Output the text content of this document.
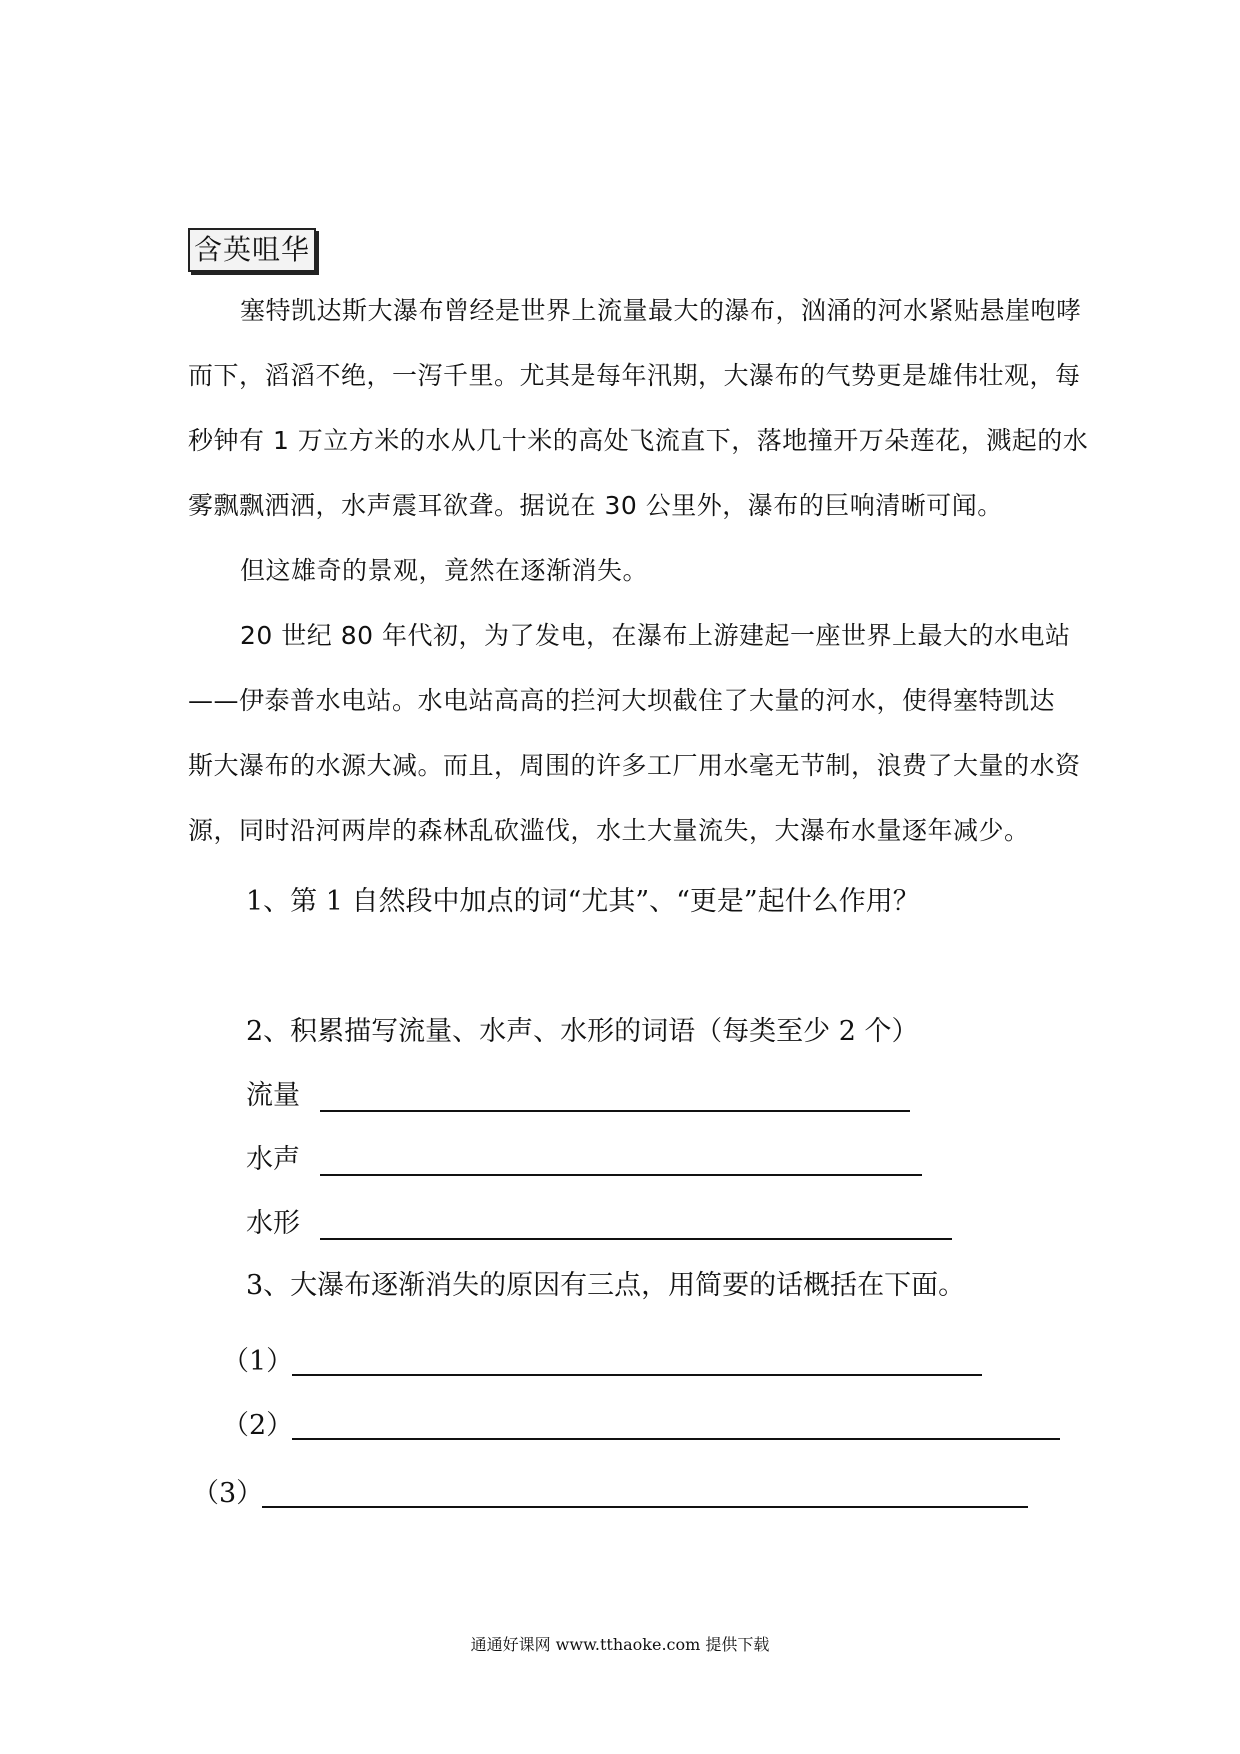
含英咀华
塞特凯达斯大瀑布曾经是世界上流量最大的瀑布，汹涌的河水紧贴悬崖咆哮
而下，滔滔不绝，一泻千里。尤其是每年汛期，大瀑布的气势更是雄伟壮观，每
秒钟有 1 万立方米的水从几十米的高处飞流直下，落地撞开万朵莲花，溅起的水
雾飘飘洒洒，水声震耳欲聋。据说在 30 公里外，瀑布的巨响清晰可闻。
但这雄奇的景观，竟然在逐渐消失。
20 世纪 80 年代初，为了发电，在瀑布上游建起一座世界上最大的水电站
——伊泰普水电站。水电站高高的拦河大坝截住了大量的河水，使得塞特凯达
斯大瀑布的水源大减。而且，周围的许多工厂用水毫无节制，浪费了大量的水资
源，同时沿河两岸的森林乱砍滥伐，水土大量流失，大瀑布水量逐年减少。
1、第 1 自然段中加点的词“尤其”、“更是”起什么作用？
2、积累描写流量、水声、水形的词语（每类至少 2 个）
流量
水声
水形
3、大瀑布逐渐消失的原因有三点，用简要的话概括在下面。
（1）
（2）
（3）
通通好课网 www.tthaoke.com 提供下载
